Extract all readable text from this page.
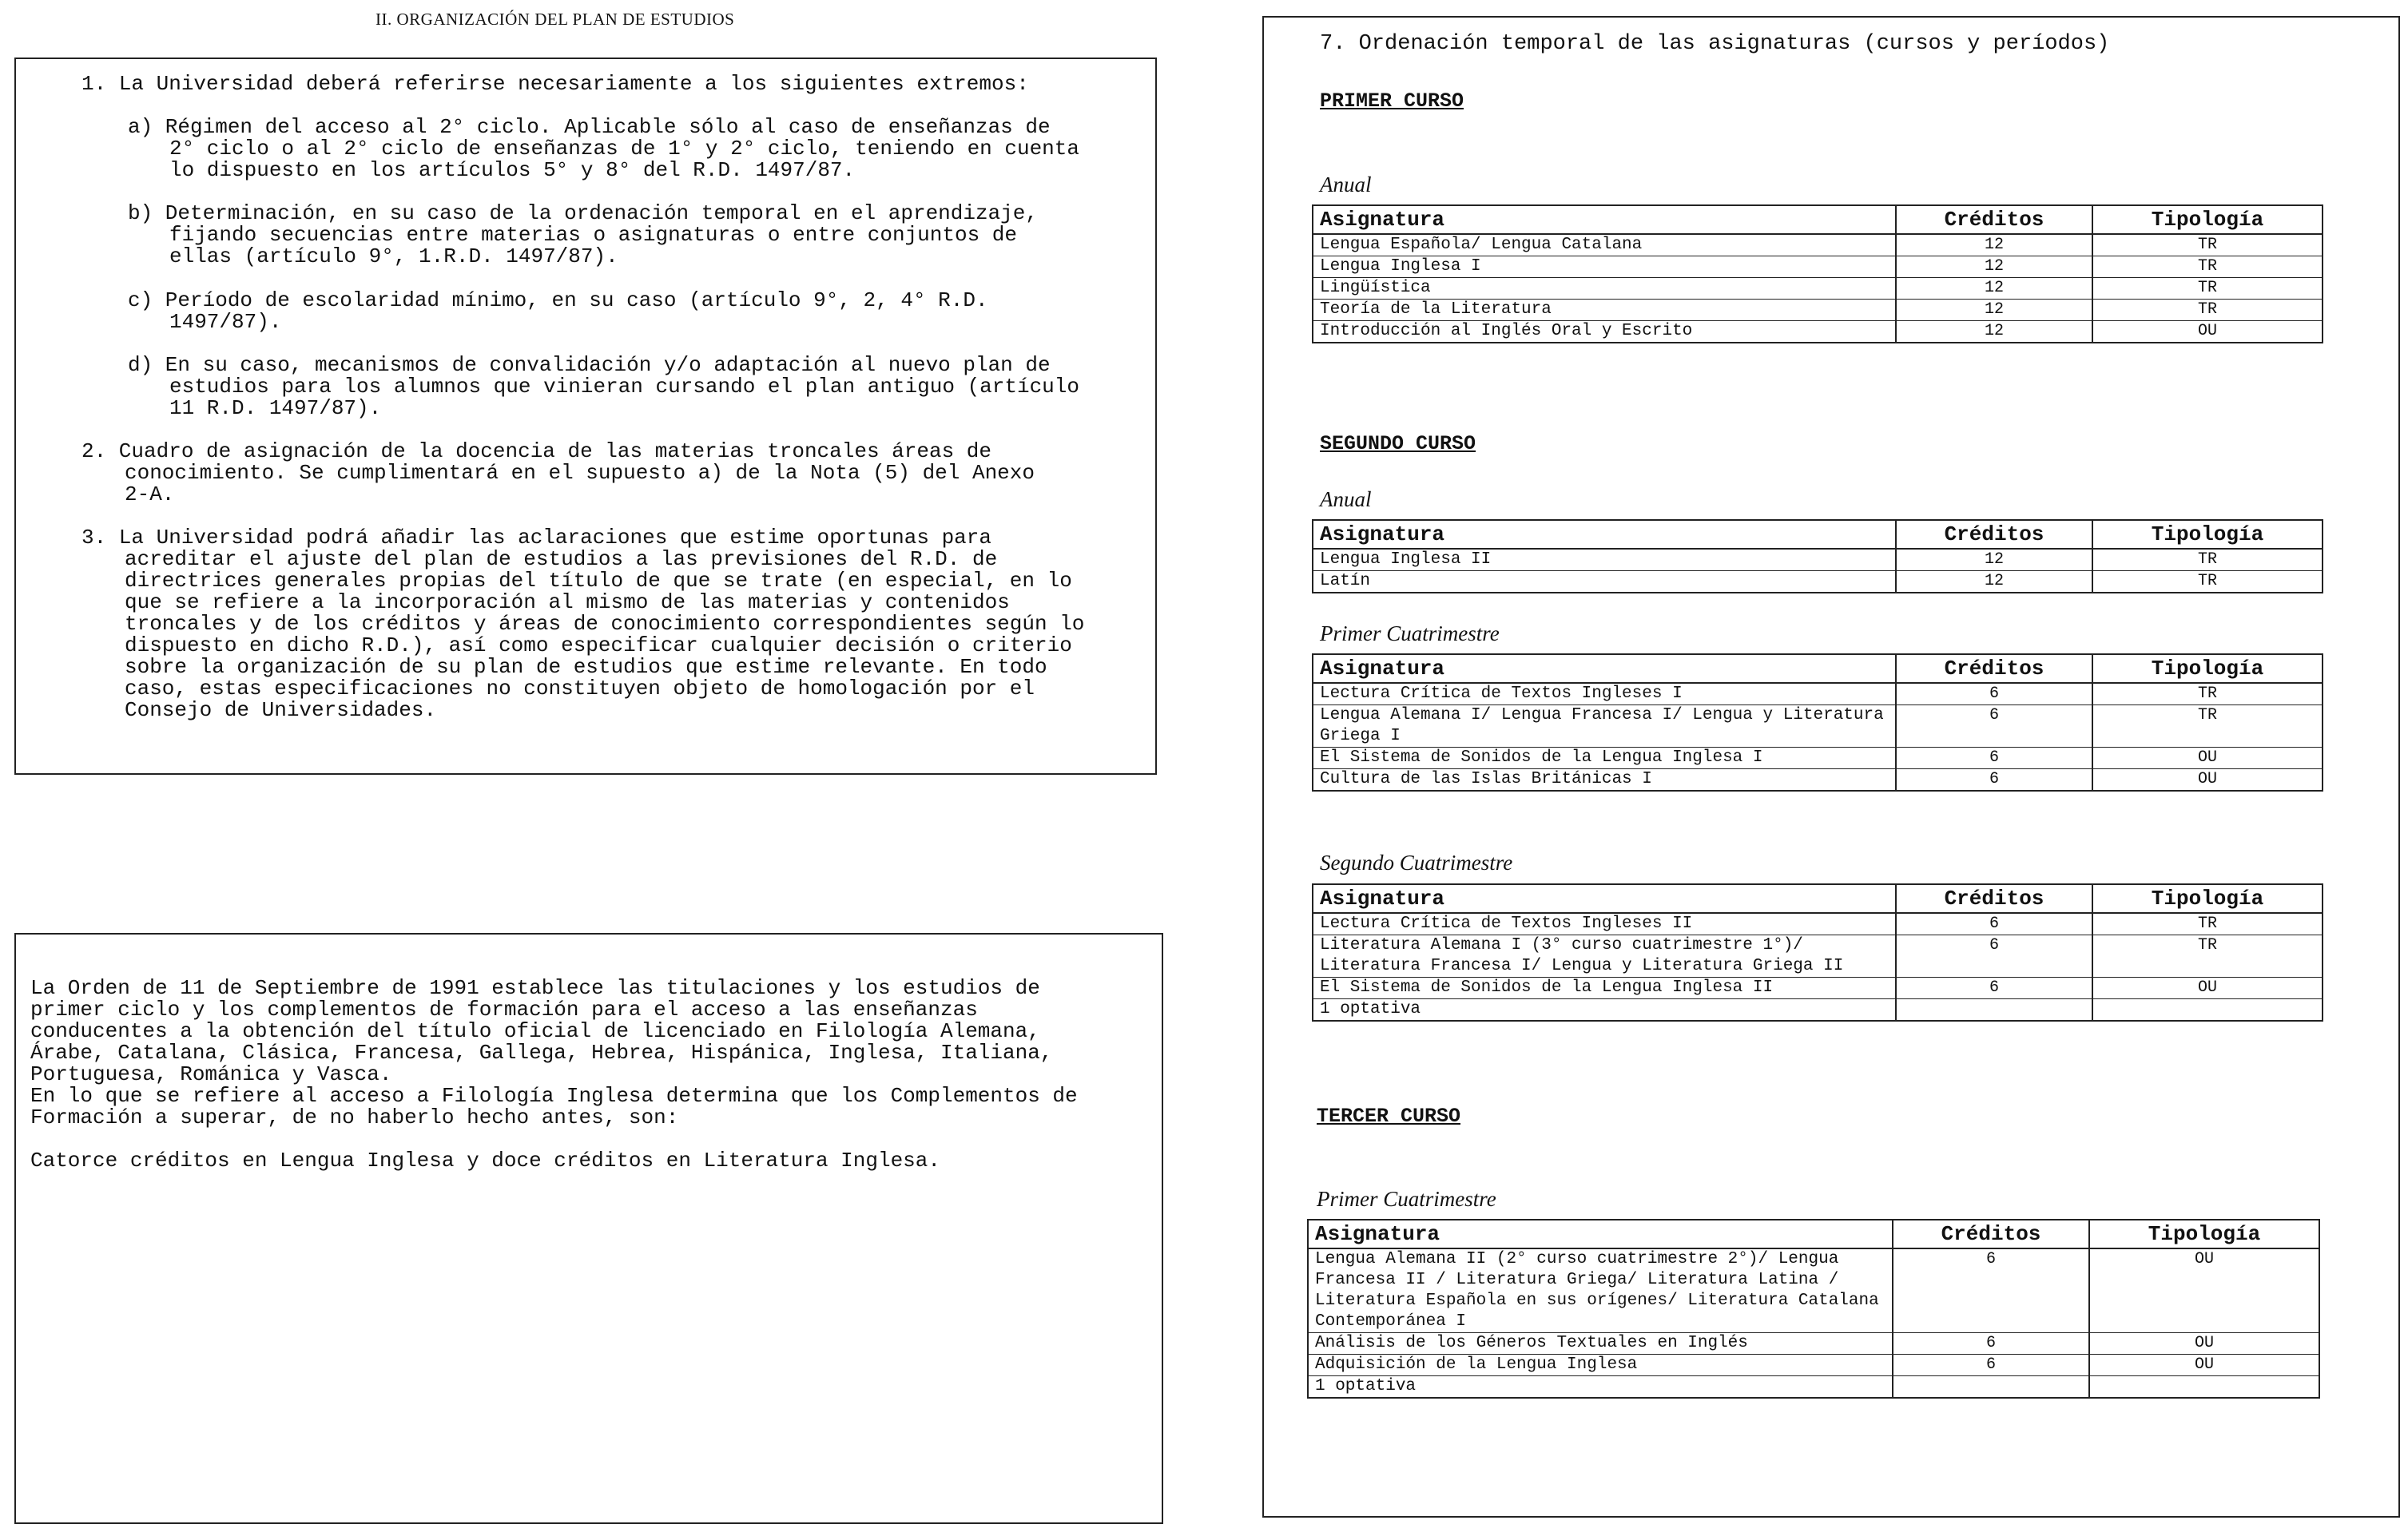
II. ORGANIZACIÓN DEL PLAN DE ESTUDIOS
1. La Universidad deberá referirse necesariamente a los siguientes extremos:
a) Régimen del acceso al 2° ciclo. Aplicable sólo al caso de enseñanzas de
2° ciclo o al 2° ciclo de enseñanzas de 1° y 2° ciclo, teniendo en cuenta
lo dispuesto en los artículos 5° y 8° del R.D. 1497/87.
b) Determinación, en su caso de la ordenación temporal en el aprendizaje,
fijando secuencias entre materias o asignaturas o entre conjuntos de
ellas (artículo 9°, 1.R.D. 1497/87).
c) Período de escolaridad mínimo, en su caso (artículo 9°, 2, 4° R.D.
1497/87).
d) En su caso, mecanismos de convalidación y/o adaptación al nuevo plan de
estudios para los alumnos que vinieran cursando el plan antiguo (artículo
11 R.D. 1497/87).
2. Cuadro de asignación de la docencia de las materias troncales áreas de
conocimiento. Se cumplimentará en el supuesto a) de la Nota (5) del Anexo
2-A.
3. La Universidad podrá añadir las aclaraciones que estime oportunas para
acreditar el ajuste del plan de estudios a las previsiones del R.D. de
directrices generales propias del título de que se trate (en especial, en lo
que se refiere a la incorporación al mismo de las materias y contenidos
troncales y de los créditos y áreas de conocimiento correspondientes según lo
dispuesto en dicho R.D.), así como especificar cualquier decisión o criterio
sobre la organización de su plan de estudios que estime relevante. En todo
caso, estas especificaciones no constituyen objeto de homologación por el
Consejo de Universidades.
La Orden de 11 de Septiembre de 1991 establece las titulaciones y los estudios de
primer ciclo y los complementos de formación para el acceso a las enseñanzas
conducentes a la obtención del título oficial de licenciado en Filología Alemana,
Árabe, Catalana, Clásica, Francesa, Gallega, Hebrea, Hispánica, Inglesa, Italiana,
Portuguesa, Románica y Vasca.
En lo que se refiere al acceso a Filología Inglesa determina que los Complementos de
Formación a superar, de no haberlo hecho antes, son:
Catorce créditos en Lengua Inglesa y doce créditos en Literatura Inglesa.
7. Ordenación temporal de las asignaturas (cursos y períodos)
PRIMER CURSO
Anual
Asignatura	Créditos	Tipología
Lengua Española/ Lengua Catalana	12	TR
Lengua Inglesa I	12	TR
Lingüística	12	TR
Teoría de la Literatura	12	TR
Introducción al Inglés Oral y Escrito	12	OU
SEGUNDO CURSO
Anual
Asignatura	Créditos	Tipología
Lengua Inglesa II	12	TR
Latín	12	TR
Primer Cuatrimestre
Asignatura	Créditos	Tipología
Lectura Crítica de Textos Ingleses I	6	TR
Lengua Alemana I/ Lengua Francesa I/ Lengua y Literatura Griega I	6	TR
El Sistema de Sonidos de la Lengua Inglesa I	6	OU
Cultura de las Islas Británicas I	6	OU
Segundo Cuatrimestre
Asignatura	Créditos	Tipología
Lectura Crítica de Textos Ingleses II	6	TR
Literatura Alemana I (3° curso cuatrimestre 1°)/ Literatura Francesa I/ Lengua y Literatura Griega II	6	TR
El Sistema de Sonidos de la Lengua Inglesa II	6	OU
1 optativa		
TERCER CURSO
Primer Cuatrimestre
Asignatura	Créditos	Tipología
Lengua Alemana II (2° curso cuatrimestre 2°)/ Lengua Francesa II / Literatura Griega/ Literatura Latina / Literatura Española en sus orígenes/ Literatura Catalana Contemporánea I	6	OU
Análisis de los Géneros Textuales en Inglés	6	OU
Adquisición de la Lengua Inglesa	6	OU
1 optativa		
